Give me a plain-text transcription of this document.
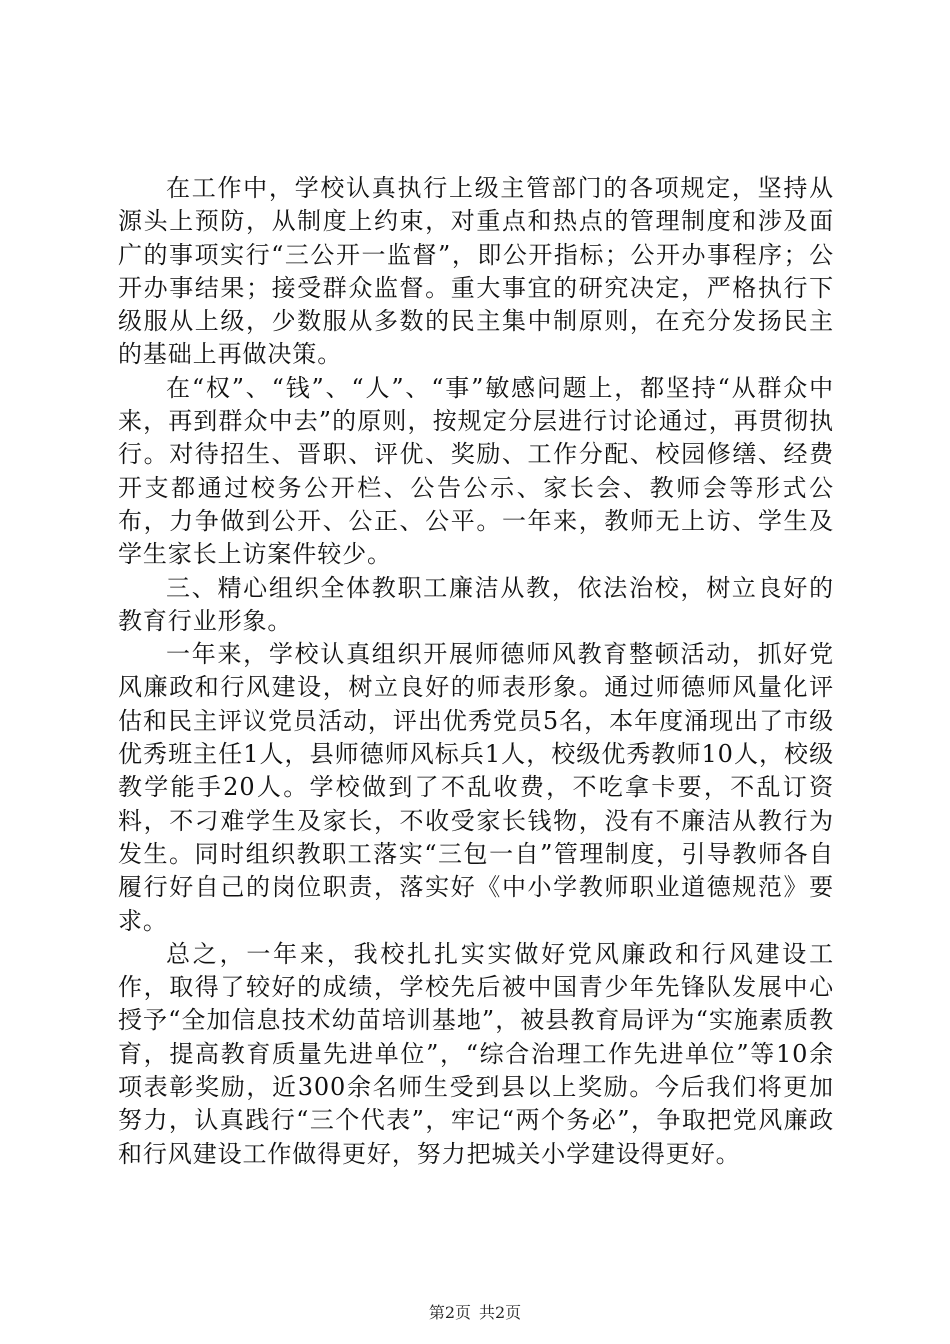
在工作中，学校认真执行上级主管部门的各项规定，坚持从源头上预防，从制度上约束，对重点和热点的管理制度和涉及面广的事项实行“三公开一监督”，即公开指标；公开办事程序；公开办事结果；接受群众监督。重大事宜的研究决定，严格执行下级服从上级，少数服从多数的民主集中制原则，在充分发扬民主的基础上再做决策。

在“权”、“钱”、“人”、“事”敏感问题上，都坚持“从群众中来，再到群众中去”的原则，按规定分层进行讨论通过，再贯彻执行。对待招生、晋职、评优、奖励、工作分配、校园修缮、经费开支都通过校务公开栏、公告公示、家长会、教师会等形式公布，力争做到公开、公正、公平。一年来，教师无上访、学生及学生家长上访案件较少。

三、精心组织全体教职工廉洁从教，依法治校，树立良好的教育行业形象。

一年来，学校认真组织开展师德师风教育整顿活动，抓好党风廉政和行风建设，树立良好的师表形象。通过师德师风量化评估和民主评议党员活动，评出优秀党员5名，本年度涌现出了市级优秀班主任1人，县师德师风标兵1人，校级优秀教师10人，校级教学能手20人。学校做到了不乱收费，不吃拿卡要，不乱订资料，不刁难学生及家长，不收受家长钱物，没有不廉洁从教行为发生。同时组织教职工落实“三包一自”管理制度，引导教师各自履行好自己的岗位职责，落实好《中小学教师职业道德规范》要求。

总之，一年来，我校扎扎实实做好党风廉政和行风建设工作，取得了较好的成绩，学校先后被中国青少年先锋队发展中心授予“全加信息技术幼苗培训基地”，被县教育局评为“实施素质教育，提高教育质量先进单位”，“综合治理工作先进单位”等10余项表彰奖励，近300余名师生受到县以上奖励。今后我们将更加努力，认真践行“三个代表”，牢记“两个务必”，争取把党风廉政和行风建设工作做得更好，努力把城关小学建设得更好。

第2页 共2页
